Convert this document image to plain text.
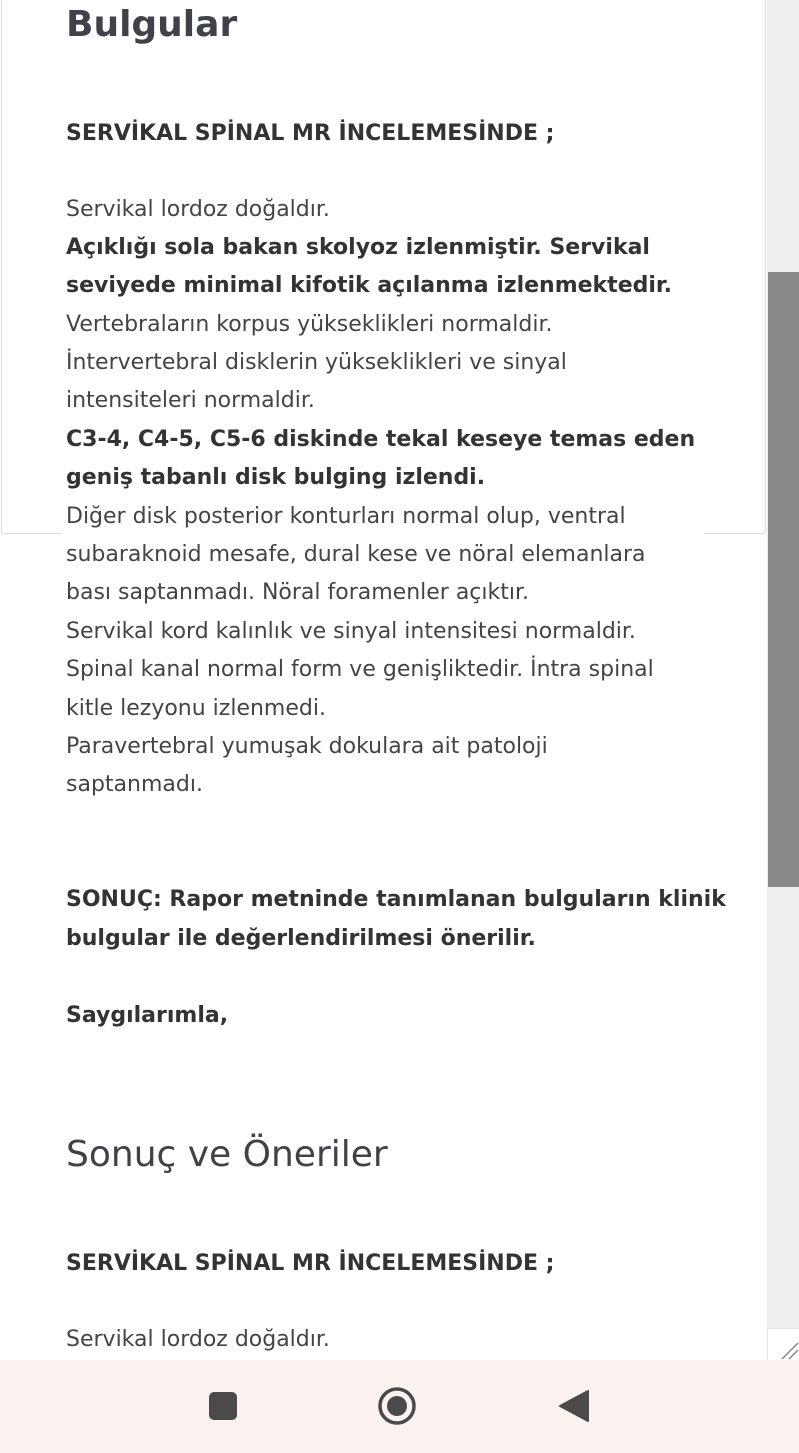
Bulgular
SERVİKAL SPİNAL MR İNCELEMESİNDE ;
Servikal lordoz doğaldır.
Açıklığı sola bakan skolyoz izlenmiştir. Servikal
seviyede minimal kifotik açılanma izlenmektedir.
Vertebraların korpus yükseklikleri normaldir.
İntervertebral disklerin yükseklikleri ve sinyal
intensiteleri normaldir.
C3-4, C4-5, C5-6 diskinde tekal keseye temas eden
geniş tabanlı disk bulging izlendi.
Diğer disk posterior konturları normal olup, ventral
subaraknoid mesafe, dural kese ve nöral elemanlara
bası saptanmadı. Nöral foramenler açıktır.
Servikal kord kalınlık ve sinyal intensitesi normaldir.
Spinal kanal normal form ve genişliktedir. İntra spinal
kitle lezyonu izlenmedi.
Paravertebral yumuşak dokulara ait patoloji
saptanmadı.
SONUÇ: Rapor metninde tanımlanan bulguların klinik
bulgular ile değerlendirilmesi önerilir.
Saygılarımla,
Sonuç ve Öneriler
SERVİKAL SPİNAL MR İNCELEMESİNDE ;
Servikal lordoz doğaldır.
